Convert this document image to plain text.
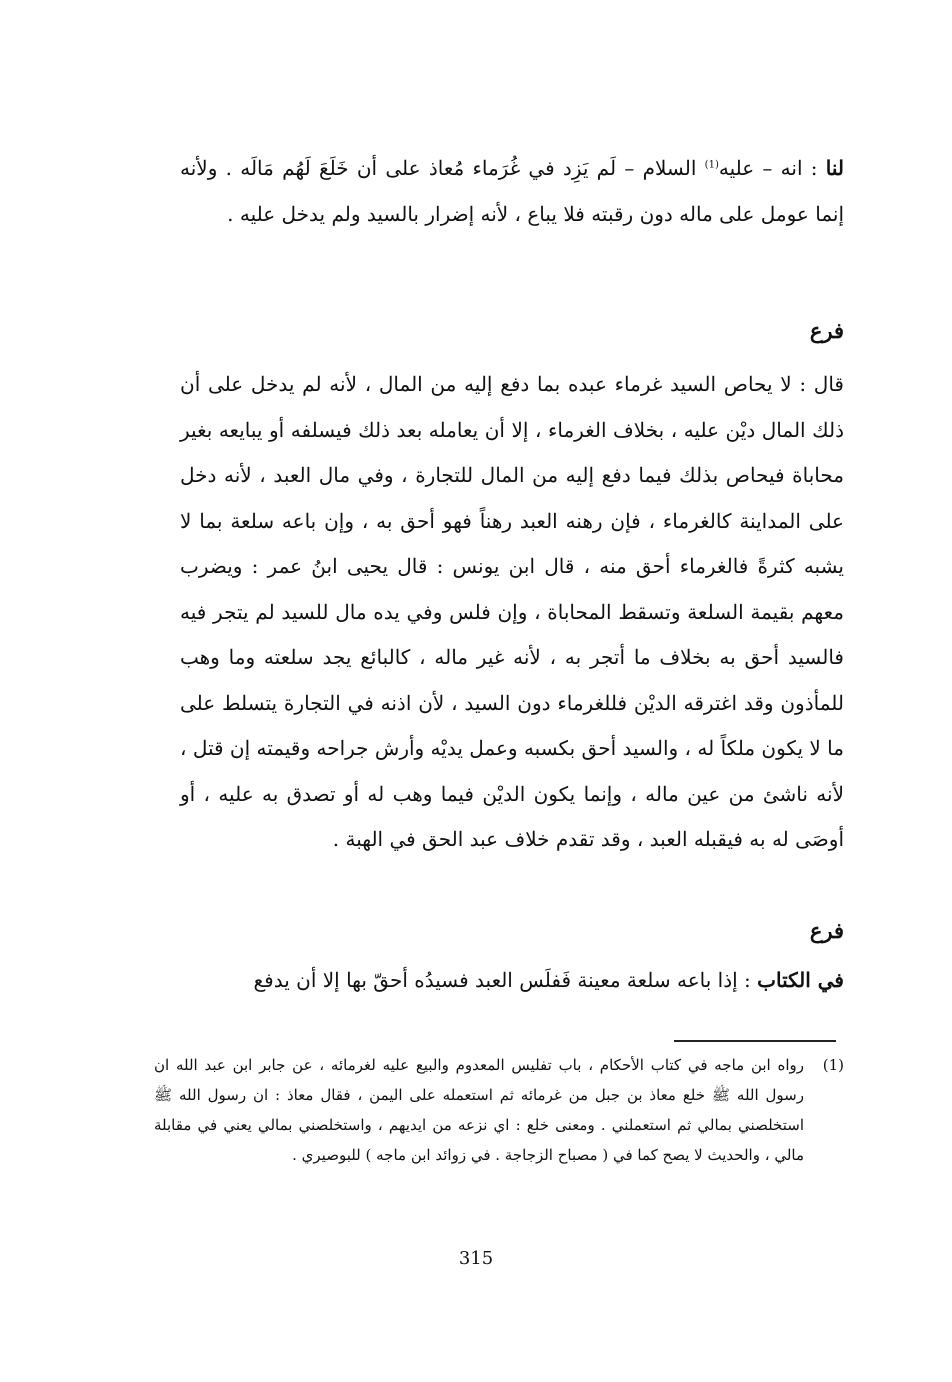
لنا : انه – عليه$^{(1)}$ السلام – لَم يَزِد في غُرَماء مُعاذ على أن خَلَعَ لَهُم مَالَه . ولأنه إنما عومل على ماله دون رقبته فلا يباع ، لأنه إضرار بالسيد ولم يدخل عليه .
فرع
قال : لا يحاص السيد غرماء عبده بما دفع إليه من المال ، لأنه لم يدخل على أن ذلك المال ديْن عليه ، بخلاف الغرماء ، إلا أن يعامله بعد ذلك فيسلفه أو يبايعه بغير محاباة فيحاص بذلك فيما دفع إليه من المال للتجارة ، وفي مال العبد ، لأنه دخل على المداينة كالغرماء ، فإن رهنه العبد رهناً فهو أحق به ، وإن باعه سلعة بما لا يشبه كثرةً فالغرماء أحق منه ، قال ابن يونس : قال يحيى ابنُ عمر : ويضرب معهم بقيمة السلعة وتسقط المحاباة ، وإن فلس وفي يده مال للسيد لم يتجر فيه فالسيد أحق به بخلاف ما أتجر به ، لأنه غير ماله ، كالبائع يجد سلعته وما وهب للمأذون وقد اغترقه الديْن فللغرماء دون السيد ، لأن اذنه في التجارة يتسلط على ما لا يكون ملكاً له ، والسيد أحق بكسبه وعمل يديْه وأرش جراحه وقيمته إن قتل ، لأنه ناشئ من عين ماله ، وإنما يكون الديْن فيما وهب له أو تصدق به عليه ، أو أوصَى له به فيقبله العبد ، وقد تقدم خلاف عبد الحق في الهبة .
فرع
في الكتاب : إذا باعه سلعة معينة فَفلَس العبد فسيدُه أحقّ بها إلا أن يدفع
(1)
رواه ابن ماجه في كتاب الأحكام ، باب تفليس المعدوم والبيع عليه لغرمائه ، عن جابر ابن عبد الله ان رسول الله ﷺ خلع معاذ بن جبل من غرمائه ثم استعمله على اليمن ، فقال معاذ : ان رسول الله ﷺ استخلصني بمالي ثم استعملني . ومعنى خلع : اي نزعه من ايديهم ، واستخلصني بمالي يعني في مقابلة مالي ، والحديث لا يصح كما في ( مصباح الزجاجة . في زوائد ابن ماجه ) للبوصيري .
315
